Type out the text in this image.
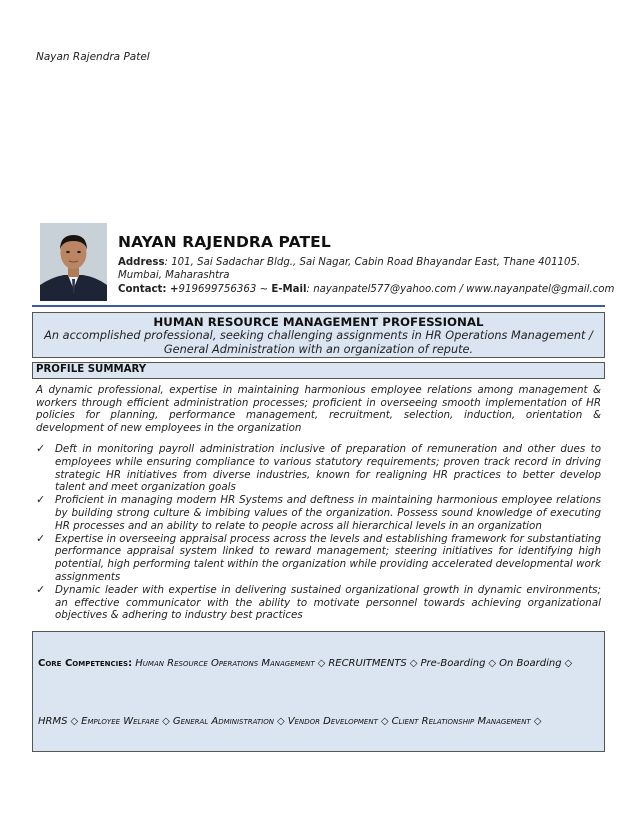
Nayan Rajendra Patel
NAYAN RAJENDRA PATEL
Address: 101, Sai Sadachar Bldg., Sai Nagar, Cabin Road Bhayandar East, Thane 401105. Mumbai, Maharashtra
Contact: +919699756363 ~ E-Mail: nayanpatel577@yahoo.com / www.nayanpatel@gmail.com
HUMAN RESOURCE MANAGEMENT PROFESSIONAL
An accomplished professional, seeking challenging assignments in HR Operations Management / General Administration with an organization of repute.
PROFILE SUMMARY
A dynamic professional, expertise in maintaining harmonious employee relations among management & workers through efficient administration processes; proficient in overseeing smooth implementation of HR policies for planning, performance management, recruitment, selection, induction, orientation & development of new employees in the organization
✓ Deft in monitoring payroll administration inclusive of preparation of remuneration and other dues to employees while ensuring compliance to various statutory requirements; proven track record in driving strategic HR initiatives from diverse industries, known for realigning HR practices to better develop talent and meet organization goals
✓ Proficient in managing modern HR Systems and deftness in maintaining harmonious employee relations by building strong culture & imbibing values of the organization. Possess sound knowledge of executing HR processes and an ability to relate to people across all hierarchical levels in an organization
✓ Expertise in overseeing appraisal process across the levels and establishing framework for substantiating performance appraisal system linked to reward management; steering initiatives for identifying high potential, high performing talent within the organization while providing accelerated developmental work assignments
✓ Dynamic leader with expertise in delivering sustained organizational growth in dynamic environments; an effective communicator with the ability to motivate personnel towards achieving organizational objectives & adhering to industry best practices
Core Competencies: Human Resource Operations Management ◇ RECRUITMENTS ◇ Pre-Boarding ◇ On Boarding ◇
HRMS ◇ Employee Welfare ◇ General Administration ◇ Vendor Development ◇ Client Relationship Management ◇
